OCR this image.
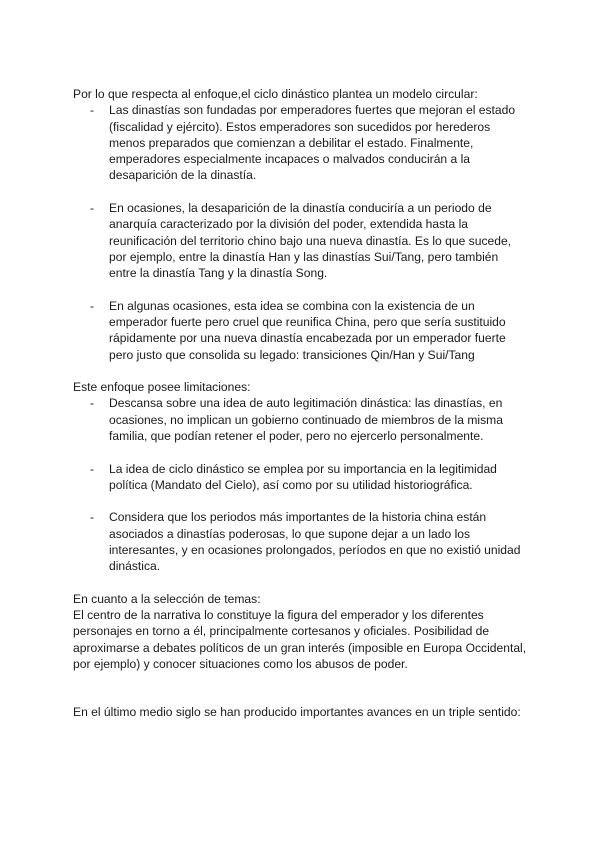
Por lo que respecta al enfoque,el ciclo dinástico plantea un modelo circular:

- Las dinastías son fundadas por emperadores fuertes que mejoran el estado (fiscalidad y ejército). Estos emperadores son sucedidos por herederos menos preparados que comienzan a debilitar el estado. Finalmente, emperadores especialmente incapaces o malvados conducirán a la desaparición de la dinastía.
- En ocasiones, la desaparición de la dinastía conduciría a un periodo de anarquía caracterizado por la división del poder, extendida hasta la reunificación del territorio chino bajo una nueva dinastía. Es lo que sucede, por ejemplo, entre la dinastía Han y las dinastías Sui/Tang, pero también entre la dinastía Tang y la dinastía Song.
- En algunas ocasiones, esta idea se combina con la existencia de un emperador fuerte pero cruel que reunifica China, pero que sería sustituido rápidamente por una nueva dinastía encabezada por un emperador fuerte pero justo que consolida su legado: transiciones Qin/Han y Sui/Tang

Este enfoque posee limitaciones:

- Descansa sobre una idea de auto legitimación dinástica: las dinastías, en ocasiones, no implican un gobierno continuado de miembros de la misma familia, que podían retener el poder, pero no ejercerlo personalmente.
- La idea de ciclo dinástico se emplea por su importancia en la legitimidad política (Mandato del Cielo), así como por su utilidad historiográfica.
- Considera que los periodos más importantes de la historia china están asociados a dinastías poderosas, lo que supone dejar a un lado los interesantes, y en ocasiones prolongados, períodos en que no existió unidad dinástica.

En cuanto a la selección de temas:

El centro de la narrativa lo constituye la figura del emperador y los diferentes personajes en torno a él, principalmente cortesanos y oficiales. Posibilidad de aproximarse a debates políticos de un gran interés (imposible en Europa Occidental, por ejemplo) y conocer situaciones como los abusos de poder.

En el último medio siglo se han producido importantes avances en un triple sentido:
